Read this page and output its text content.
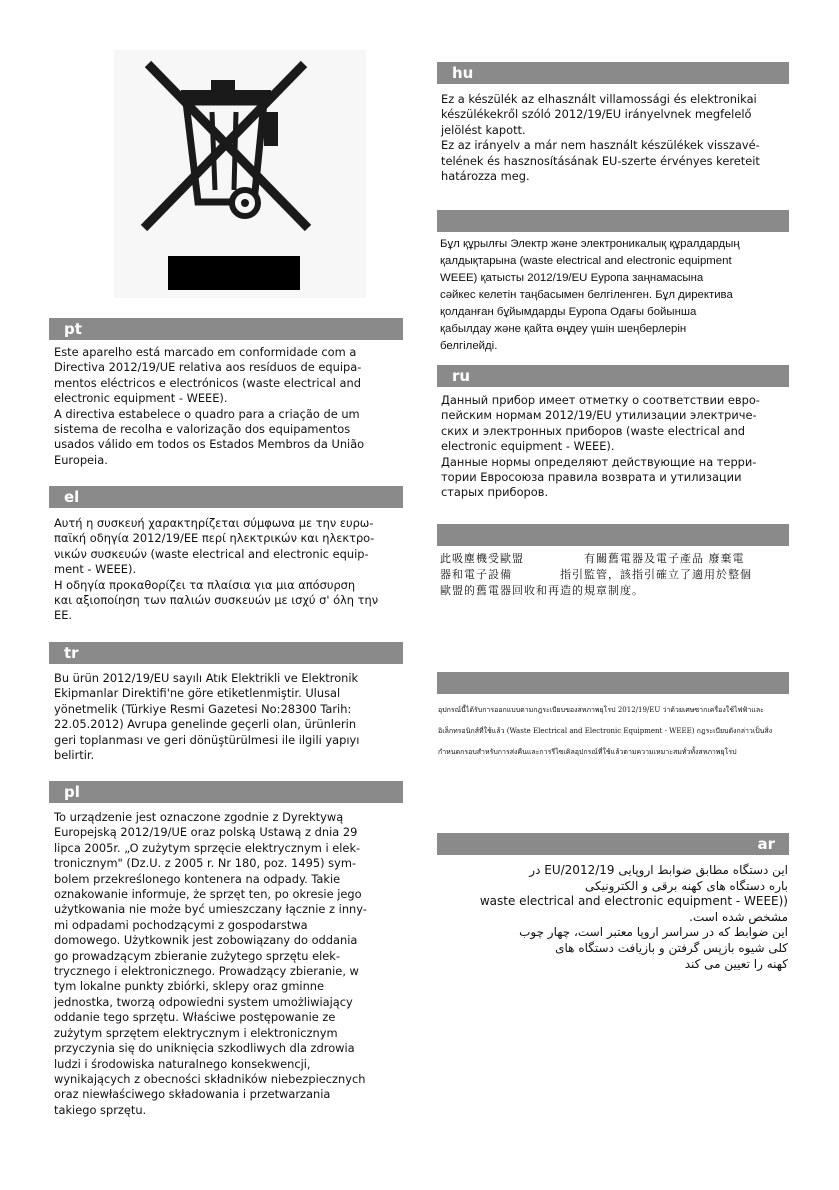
pt

Este aparelho está marcado em conformidade com a
Directiva 2012/19/UE relativa aos resíduos de equipa-
mentos eléctricos e electrónicos (waste electrical and
electronic equipment - WEEE).
A directiva estabelece o quadro para a criação de um
sistema de recolha e valorização dos equipamentos
usados válido em todos os Estados Membros da União
Europeia.

el

Αυτή η συσκευή χαρακτηρίζεται σύμφωνα με την ευρω-
παϊκή οδηγία 2012/19/ΕΕ περί ηλεκτρικών και ηλεκτρο-
νικών συσκευών (waste electrical and electronic equip-
ment - WEEE).
Η οδηγία προκαθορίζει τα πλαίσια για μια απόσυρση
και αξιοποίηση των παλιών συσκευών με ισχύ σ' όλη την
ΕΕ.

tr

Bu ürün 2012/19/EU sayılı Atık Elektrikli ve Elektronik
Ekipmanlar Direktifi'ne göre etiketlenmiştir. Ulusal
yönetmelik (Türkiye Resmi Gazetesi No:28300 Tarih:
22.05.2012) Avrupa genelinde geçerli olan, ürünlerin
geri toplanması ve geri dönüştürülmesi ile ilgili yapıyı
belirtir.

pl

To urządzenie jest oznaczone zgodnie z Dyrektywą
Europejską 2012/19/UE oraz polską Ustawą z dnia 29
lipca 2005r. „O zużytym sprzęcie elektrycznym i elek-
tronicznym" (Dz.U. z 2005 r. Nr 180, poz. 1495) sym-
bolem przekreślonego kontenera na odpady. Takie
oznakowanie informuje, że sprzęt ten, po okresie jego
użytkowania nie może być umieszczany łącznie z inny-
mi odpadami pochodzącymi z gospodarstwa
domowego. Użytkownik jest zobowiązany do oddania
go prowadzącym zbieranie zużytego sprzętu elek-
trycznego i elektronicznego. Prowadzący zbieranie, w
tym lokalne punkty zbiórki, sklepy oraz gminne
jednostka, tworzą odpowiedni system umożliwiający
oddanie tego sprzętu. Właściwe postępowanie ze
zużytym sprzętem elektrycznym i elektronicznym
przyczynia się do uniknięcia szkodliwych dla zdrowia
ludzi i środowiska naturalnego konsekwencji,
wynikających z obecności składników niebezpiecznych
oraz niewłaściwego składowania i przetwarzania
takiego sprzętu.

hu

Ez a készülék az elhasznált villamossági és elektronikai
készülékekről szóló 2012/19/EU irányelvnek megfelelő
jelölést kapott.
Ez az irányelv a már nem használt készülékek visszavé-
telének és hasznosításának EU-szerte érvényes kereteit
határozza meg.

Бұл құрылғы Электр және электроникалық құралдардың
қалдықтарына (waste electrical and electronic equipment
WEEE) қатысты 2012/19/EU Еуропа заңнамасына
сәйкес келетін таңбасымен белгіленген. Бұл директива
қолданған бұйымдарды Еуропа Одағы бойынша
қабылдау және қайта өңдеу үшін шеңберлерін
белгілейді.

ru

Данный прибор имеет отметку о соответствии евро-
пейским нормам 2012/19/EU утилизации электриче-
ских и электронных приборов (waste electrical and
electronic equipment - WEEE).
Данные нормы определяют действующие на терри-
тории Евросоюза правила возврата и утилизации
старых приборов.

此吸塵機受歐盟　　　　　有關舊電器及電子產品 廢棄電
器和電子設備　　　　指引監管，該指引確立了適用於整個
歐盟的舊電器回收和再造的規章制度。

อุปกรณ์นี้ได้รับการออกแบบตามกฎระเบียบของสหภาพยุโรป 2012/19/EU ว่าด้วยเศษซากเครื่องใช้ไฟฟ้าและ
อิเล็กทรอนิกส์ที่ใช้แล้ว (Waste Electrical and Electronic Equipment - WEEE) กฎระเบียบดังกล่าวเป็นสิ่ง
กำหนดกรอบสำหรับการส่งคืนและการรีไซเคิลอุปกรณ์ที่ใช้แล้วตามความเหมาะสมทั่วทั้งสหภาพยุโรป

ar

این دستگاه مطابق ضوابط اروپایی 2012/19/EU در
باره دستگاه های کهنه برقی و الکترونیکی
((waste electrical and electronic equipment - WEEE
مشخص شده است.
این ضوابط که در سراسر اروپا معتبر است، چهار چوب
کلی شیوه بازپس گرفتن و بازیافت دستگاه های
کهنه را تعیین می کند
